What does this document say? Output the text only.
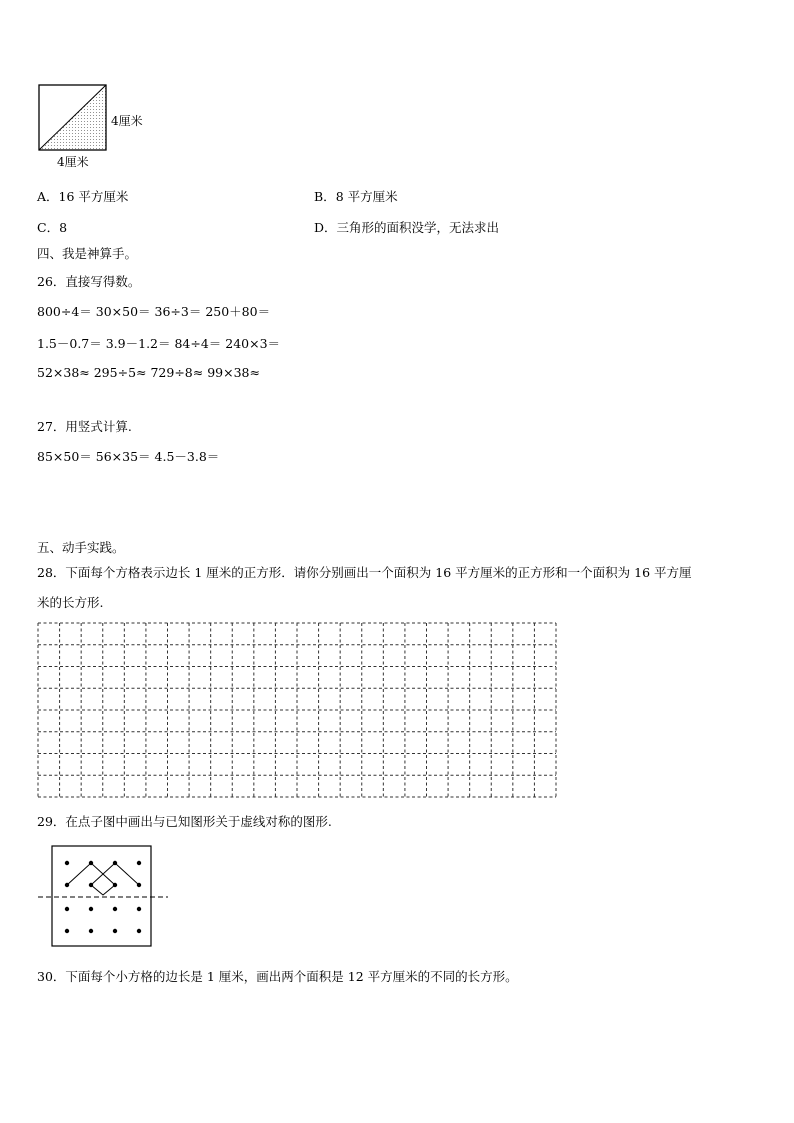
4厘米
4厘米
A．16 平方厘米	B．8 平方厘米
C．8	D．三角形的面积没学，无法求出
四、我是神算手。
26．直接写得数。
800÷4＝ 30×50＝ 36÷3＝ 250＋80＝
1.5－0.7＝ 3.9－1.2＝ 84÷4＝ 240×3＝
52×38≈ 295÷5≈ 729÷8≈ 99×38≈
27．用竖式计算.
85×50＝ 56×35＝ 4.5－3.8＝
五、动手实践。
28．下面每个方格表示边长 1 厘米的正方形．请你分别画出一个面积为 16 平方厘米的正方形和一个面积为 16 平方厘
米的长方形.
29．在点子图中画出与已知图形关于虚线对称的图形.
30．下面每个小方格的边长是 1 厘米，画出两个面积是 12 平方厘米的不同的长方形。
